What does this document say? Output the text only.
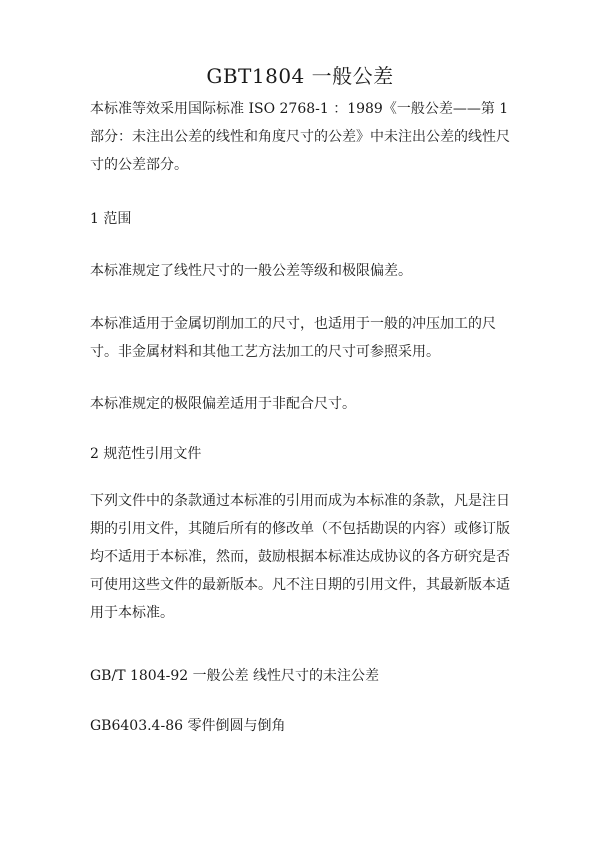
GBT1804 一般公差

本标准等效采用国际标准 ISO 2768-1 ：1989《一般公差——第 1 部分：未注出公差的线性和角度尺寸的公差》中未注出公差的线性尺寸的公差部分。

1 范围

本标准规定了线性尺寸的一般公差等级和极限偏差。

本标准适用于金属切削加工的尺寸，也适用于一般的冲压加工的尺寸。非金属材料和其他工艺方法加工的尺寸可参照采用。

本标准规定的极限偏差适用于非配合尺寸。

2 规范性引用文件

下列文件中的条款通过本标准的引用而成为本标准的条款，凡是注日期的引用文件，其随后所有的修改单（不包括勘误的内容）或修订版均不适用于本标准，然而，鼓励根据本标准达成协议的各方研究是否可使用这些文件的最新版本。凡不注日期的引用文件，其最新版本适用于本标准。

GB/T 1804-92 一般公差 线性尺寸的未注公差

GB6403.4-86 零件倒圆与倒角
